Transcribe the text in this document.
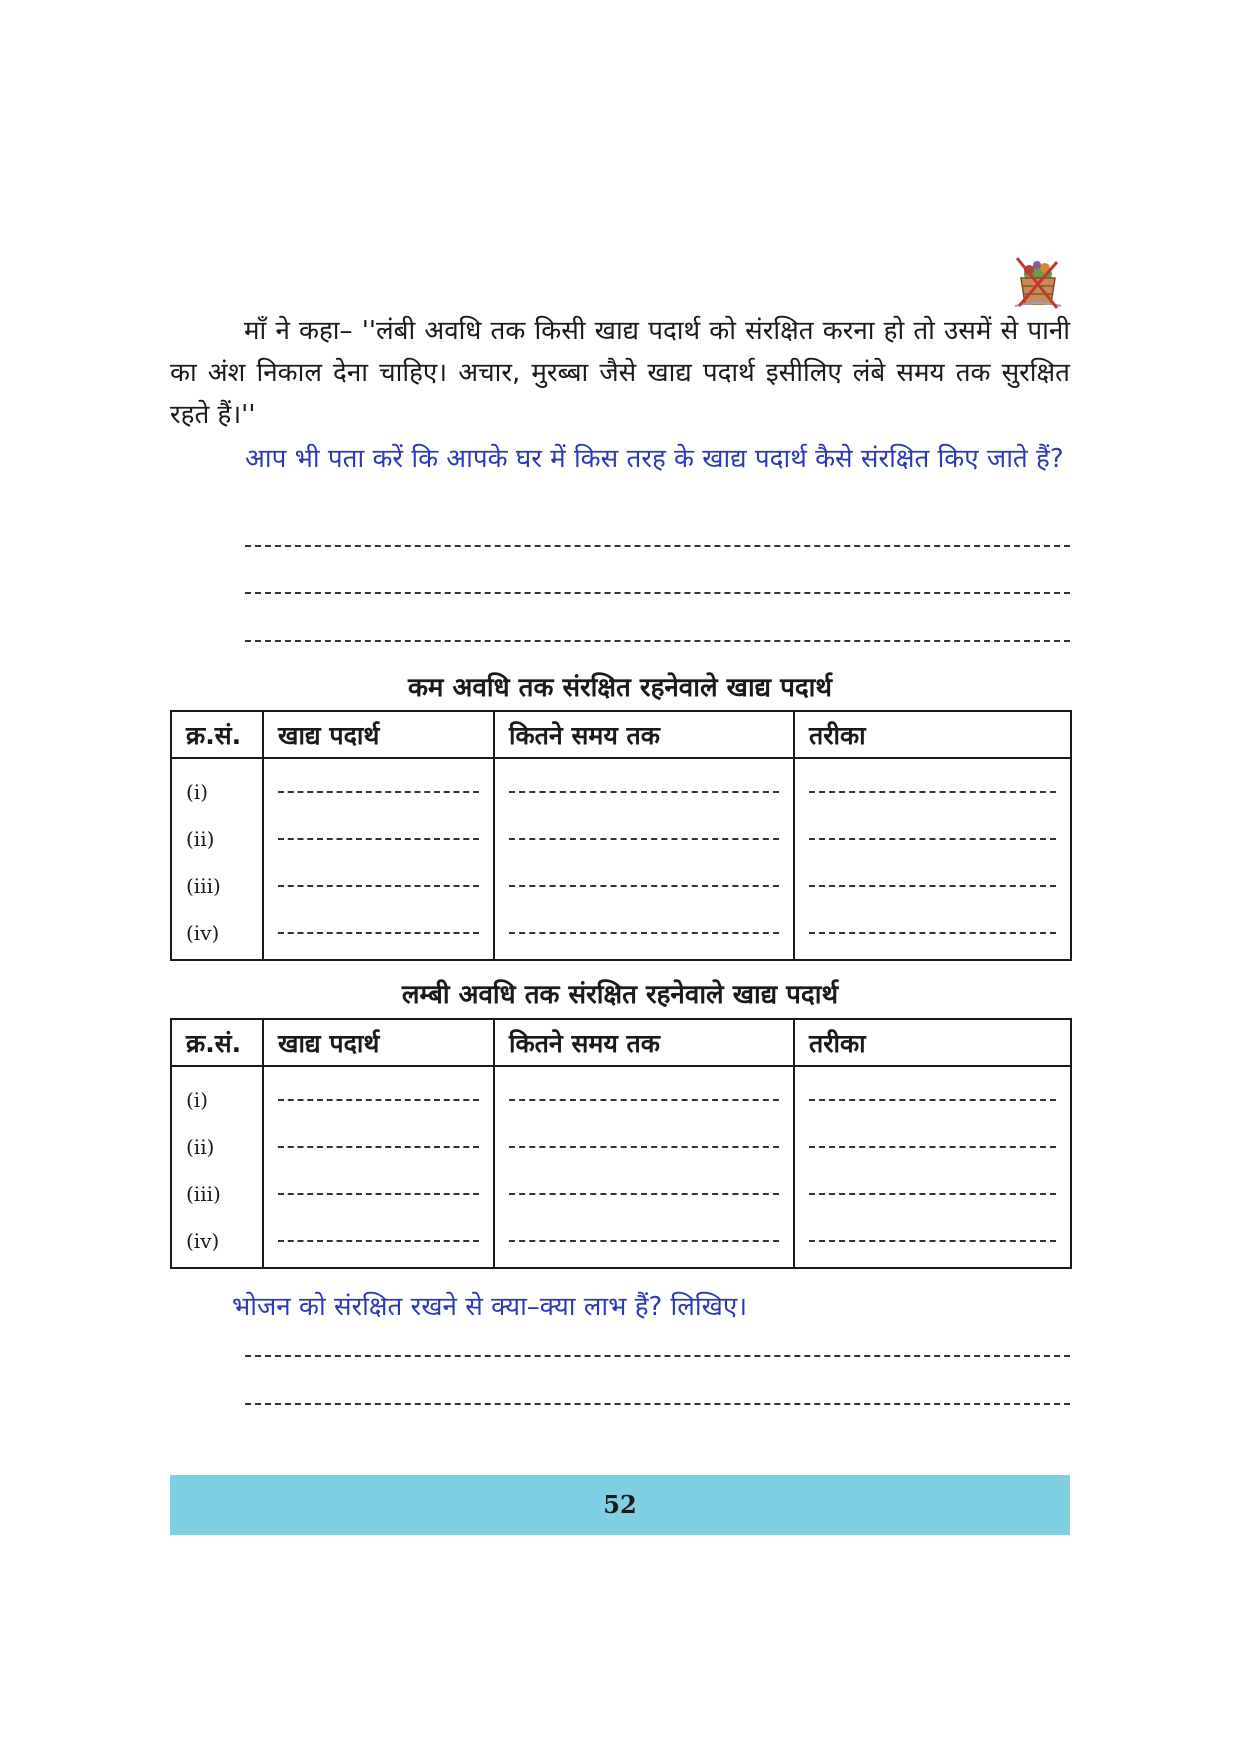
माँ ने कहा– ''लंबी अवधि तक किसी खाद्य पदार्थ को संरक्षित करना हो तो उसमें से पानी का अंश निकाल देना चाहिए। अचार, मुरब्बा जैसे खाद्य पदार्थ इसीलिए लंबे समय तक सुरक्षित रहते हैं।''

आप भी पता करें कि आपके घर में किस तरह के खाद्य पदार्थ कैसे संरक्षित किए जाते हैं?

कम अवधि तक संरक्षित रहनेवाले खाद्य पदार्थ

क्र.सं.	खाद्य पदार्थ	कितने समय तक	तरीका

(i)
(ii)
(iii)
(iv)			

लम्बी अवधि तक संरक्षित रहनेवाले खाद्य पदार्थ

क्र.सं.	खाद्य पदार्थ	कितने समय तक	तरीका

(i)
(ii)
(iii)
(iv)			

भोजन को संरक्षित रखने से क्या–क्या लाभ हैं? लिखिए।

52
